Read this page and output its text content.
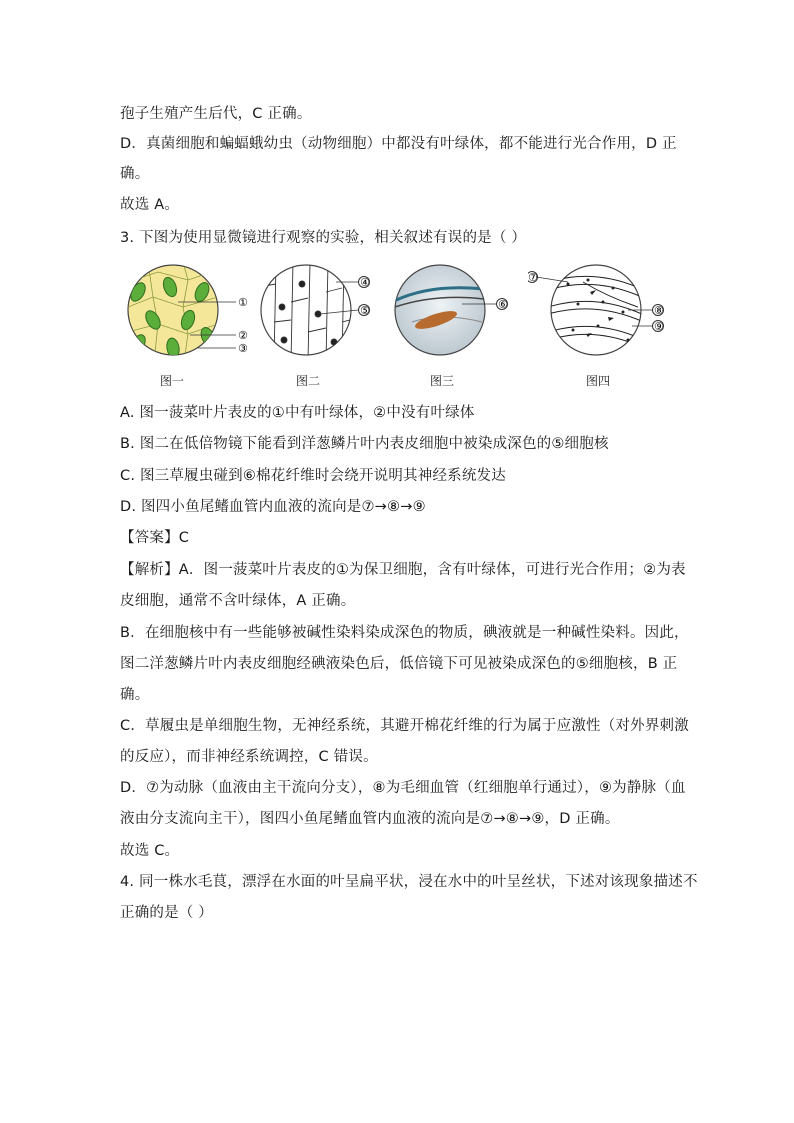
孢子生殖产生后代，C 正确。
D．真菌细胞和蝙蝠蛾幼虫（动物细胞）中都没有叶绿体，都不能进行光合作用，D 正
确。
故选 A。
3. 下图为使用显微镜进行观察的实验，相关叙述有误的是（ ）
①
②
③
图一
④
⑤
图二
⑥
图三
⑦
⑧
⑨
图四
A. 图一菠菜叶片表皮的①中有叶绿体，②中没有叶绿体
B. 图二在低倍物镜下能看到洋葱鳞片叶内表皮细胞中被染成深色的⑤细胞核
C. 图三草履虫碰到⑥棉花纤维时会绕开说明其神经系统发达
D. 图四小鱼尾鳍血管内血液的流向是⑦→⑧→⑨
【答案】C
【解析】A．图一菠菜叶片表皮的①为保卫细胞，含有叶绿体，可进行光合作用；②为表
皮细胞，通常不含叶绿体，A 正确。
B．在细胞核中有一些能够被碱性染料染成深色的物质，碘液就是一种碱性染料。因此，
图二洋葱鳞片叶内表皮细胞经碘液染色后，低倍镜下可见被染成深色的⑤细胞核，B 正
确。
C．草履虫是单细胞生物，无神经系统，其避开棉花纤维的行为属于应激性（对外界刺激
的反应），而非神经系统调控，C 错误。
D．⑦为动脉（血液由主干流向分支），⑧为毛细血管（红细胞单行通过），⑨为静脉（血
液由分支流向主干），图四小鱼尾鳍血管内血液的流向是⑦→⑧→⑨，D 正确。
故选 C。
4. 同一株水毛茛，漂浮在水面的叶呈扁平状，浸在水中的叶呈丝状，下述对该现象描述不
正确的是（ ）
